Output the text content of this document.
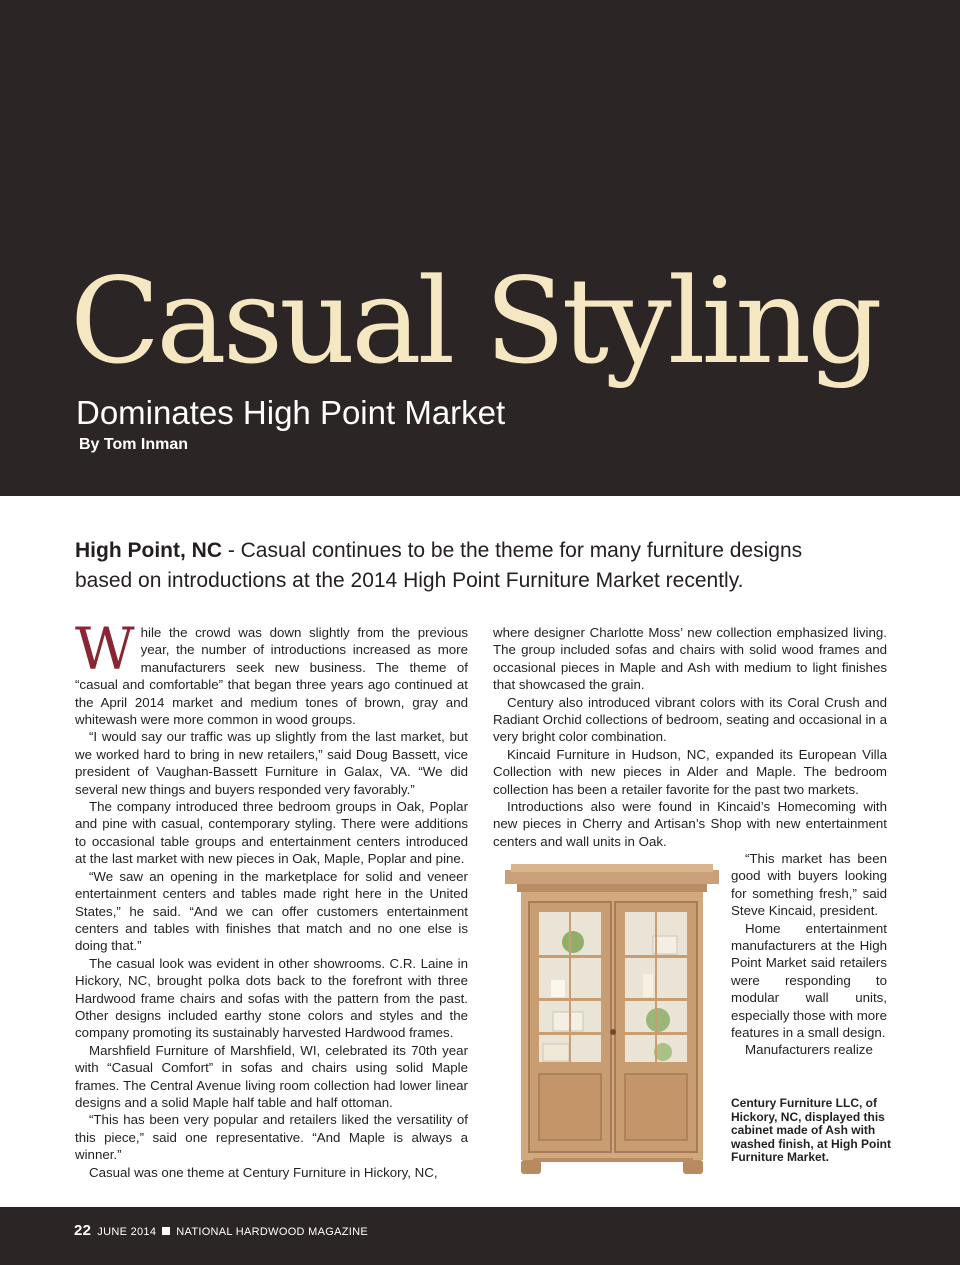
Casual Styling
Dominates High Point Market
By Tom Inman

High Point, NC - Casual continues to be the theme for many furniture designs based on introductions at the 2014 High Point Furniture Market recently.

While the crowd was down slightly from the previous year, the number of introductions increased as more manufacturers seek new business. The theme of “casual and comfortable” that began three years ago continued at the April 2014 market and medium tones of brown, gray and whitewash were more common in wood groups.

“I would say our traffic was up slightly from the last market, but we worked hard to bring in new retailers,” said Doug Bassett, vice president of Vaughan-Bassett Furniture in Galax, VA. “We did several new things and buyers responded very favorably.”

The company introduced three bedroom groups in Oak, Poplar and pine with casual, contemporary styling. There were additions to occasional table groups and entertainment centers introduced at the last market with new pieces in Oak, Maple, Poplar and pine.

“We saw an opening in the marketplace for solid and veneer entertainment centers and tables made right here in the United States,” he said. “And we can offer customers entertainment centers and tables with finishes that match and no one else is doing that.”

The casual look was evident in other showrooms. C.R. Laine in Hickory, NC, brought polka dots back to the forefront with three Hardwood frame chairs and sofas with the pattern from the past. Other designs included earthy stone colors and styles and the company promoting its sustainably harvested Hardwood frames.

Marshfield Furniture of Marshfield, WI, celebrated its 70th year with “Casual Comfort” in sofas and chairs using solid Maple frames. The Central Avenue living room collection had lower linear designs and a solid Maple half table and half ottoman.

“This has been very popular and retailers liked the versatility of this piece,” said one representative. “And Maple is always a winner.”

Casual was one theme at Century Furniture in Hickory, NC,

where designer Charlotte Moss’ new collection emphasized living. The group included sofas and chairs with solid wood frames and occasional pieces in Maple and Ash with medium to light finishes that showcased the grain.

Century also introduced vibrant colors with its Coral Crush and Radiant Orchid collections of bedroom, seating and occasional in a very bright color combination.

Kincaid Furniture in Hudson, NC, expanded its European Villa Collection with new pieces in Alder and Maple. The bedroom collection has been a retailer favorite for the past two markets.

Introductions also were found in Kincaid’s Homecoming with new pieces in Cherry and Artisan’s Shop with new entertainment centers and wall units in Oak.

“This market has been good with buyers looking for something fresh,” said Steve Kincaid, president.

Home entertainment manufacturers at the High Point Market said retailers were responding to modular wall units, especially those with more features in a small design.

Manufacturers realize

Century Furniture LLC, of Hickory, NC, displayed this cabinet made of Ash with washed finish, at High Point Furniture Market.
22 JUNE 2014 NATIONAL HARDWOOD MAGAZINE
